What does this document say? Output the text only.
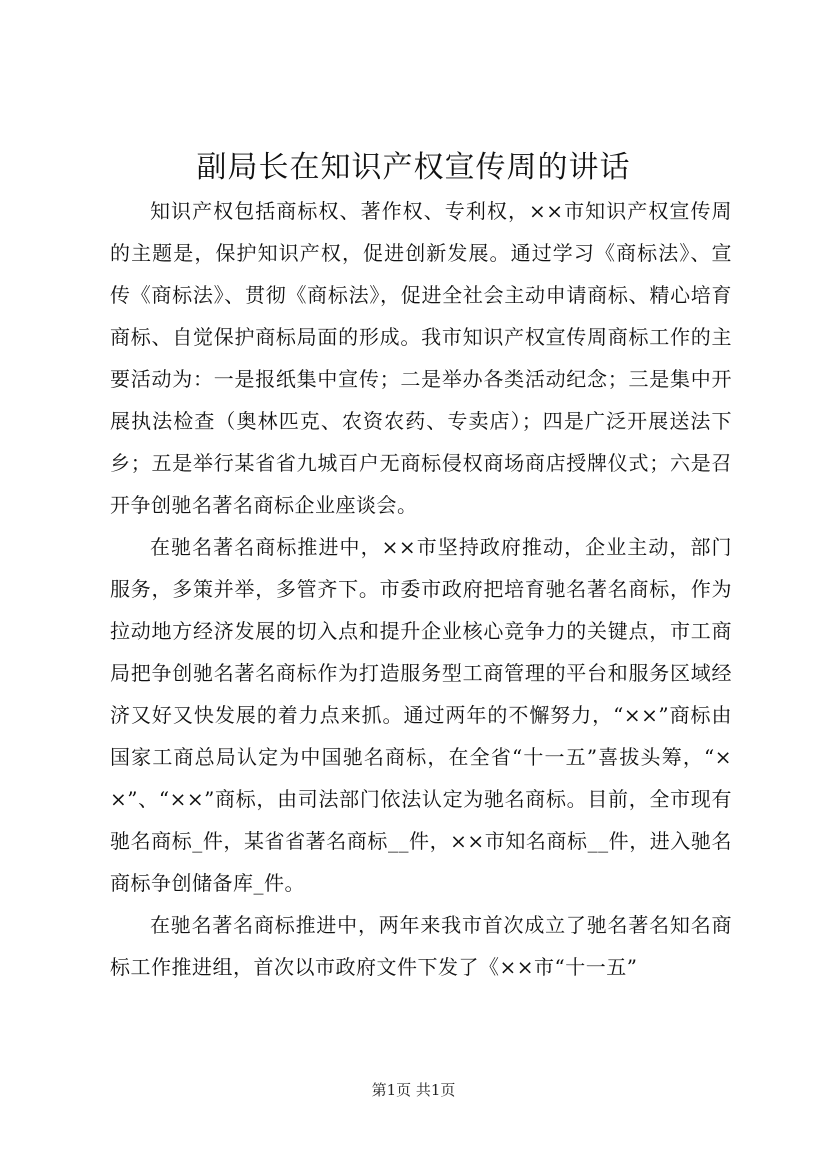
副局长在知识产权宣传周的讲话

知识产权包括商标权、著作权、专利权，××市知识产权宣传周的主题是，保护知识产权，促进创新发展。通过学习《商标法》、宣传《商标法》、贯彻《商标法》，促进全社会主动申请商标、精心培育商标、自觉保护商标局面的形成。我市知识产权宣传周商标工作的主要活动为：一是报纸集中宣传；二是举办各类活动纪念；三是集中开展执法检查（奥林匹克、农资农药、专卖店）；四是广泛开展送法下乡；五是举行某省省九城百户无商标侵权商场商店授牌仪式；六是召开争创驰名著名商标企业座谈会。

在驰名著名商标推进中，××市坚持政府推动，企业主动，部门服务，多策并举，多管齐下。市委市政府把培育驰名著名商标，作为拉动地方经济发展的切入点和提升企业核心竞争力的关键点，市工商局把争创驰名著名商标作为打造服务型工商管理的平台和服务区域经济又好又快发展的着力点来抓。通过两年的不懈努力，“××”商标由国家工商总局认定为中国驰名商标，在全省“十一五”喜拔头筹，“××”、“××”商标，由司法部门依法认定为驰名商标。目前，全市现有驰名商标_件，某省省著名商标__件，××市知名商标__件，进入驰名商标争创储备库_件。

在驰名著名商标推进中，两年来我市首次成立了驰名著名知名商标工作推进组，首次以市政府文件下发了《××市“十一五”

第1页 共1页
